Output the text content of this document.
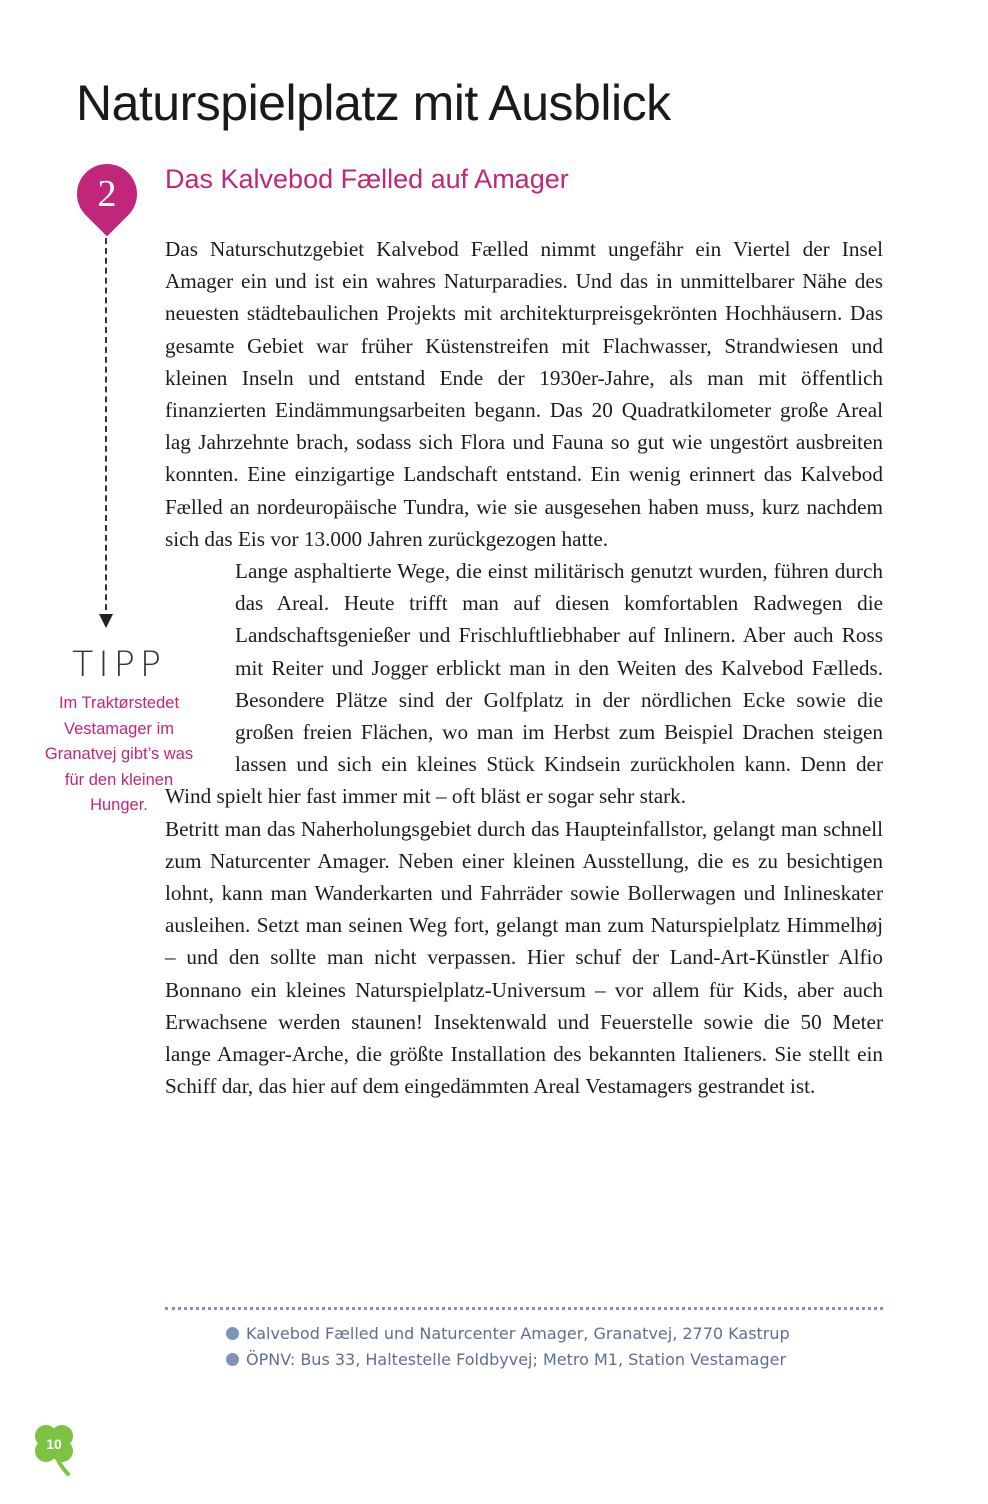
Naturspielplatz mit Ausblick
2	Das Kalvebod Fælled auf Amager

Das Naturschutzgebiet Kalvebod Fælled nimmt ungefähr ein Viertel der Insel Amager ein und ist ein wahres Naturparadies. Und das in unmittelbarer Nähe des neuesten städtebaulichen Projekts mit architekturpreisgekrönten Hochhäusern. Das gesamte Gebiet war früher Küstenstreifen mit Flachwasser, Strandwiesen und kleinen Inseln und entstand Ende der 1930er-Jahre, als man mit öffentlich finanzierten Eindämmungsarbeiten begann. Das 20 Quadratkilometer große Areal lag Jahrzehnte brach, sodass sich Flora und Fauna so gut wie ungestört ausbreiten konnten. Eine einzigartige Landschaft entstand. Ein wenig erinnert das Kalvebod Fælled an nordeuropäische Tundra, wie sie ausgesehen haben muss, kurz nachdem sich das Eis vor 13.000 Jahren zurückgezogen hatte.

Lange asphaltierte Wege, die einst militärisch genutzt wurden, führen durch das Areal. Heute trifft man auf diesen komfortablen Radwegen die Landschaftsgenießer und Frischluftliebhaber auf Inlinern. Aber auch Ross mit Reiter und Jogger erblickt man in den Weiten des Kalvebod Fælleds. Besondere Plätze sind der Golfplatz in der nördlichen Ecke sowie die großen freien Flächen, wo man im Herbst zum Beispiel Drachen steigen lassen und sich ein kleines Stück Kindsein zurückholen kann. Denn der Wind spielt hier fast immer mit – oft bläst er sogar sehr stark.

Betritt man das Naherholungsgebiet durch das Haupteinfallstor, gelangt man schnell zum Naturcenter Amager. Neben einer kleinen Ausstellung, die es zu besichtigen lohnt, kann man Wanderkarten und Fahrräder sowie Bollerwagen und Inlineskater ausleihen. Setzt man seinen Weg fort, gelangt man zum Naturspielplatz Himmelhøj – und den sollte man nicht verpassen. Hier schuf der Land-Art-Künstler Alfio Bonnano ein kleines Naturspielplatz-Universum – vor allem für Kids, aber auch Erwachsene werden staunen! Insektenwald und Feuerstelle sowie die 50 Meter lange Amager-Arche, die größte Installation des bekannten Italieners. Sie stellt ein Schiff dar, das hier auf dem eingedämmten Areal Vestamagers gestrandet ist.

TIPP
Im Traktørstedet Vestamager im Granatvej gibt’s was für den kleinen Hunger.
Kalvebod Fælled und Naturcenter Amager, Granatvej, 2770 Kastrup
ÖPNV: Bus 33, Haltestelle Foldbyvej; Metro M1, Station Vestamager
10
